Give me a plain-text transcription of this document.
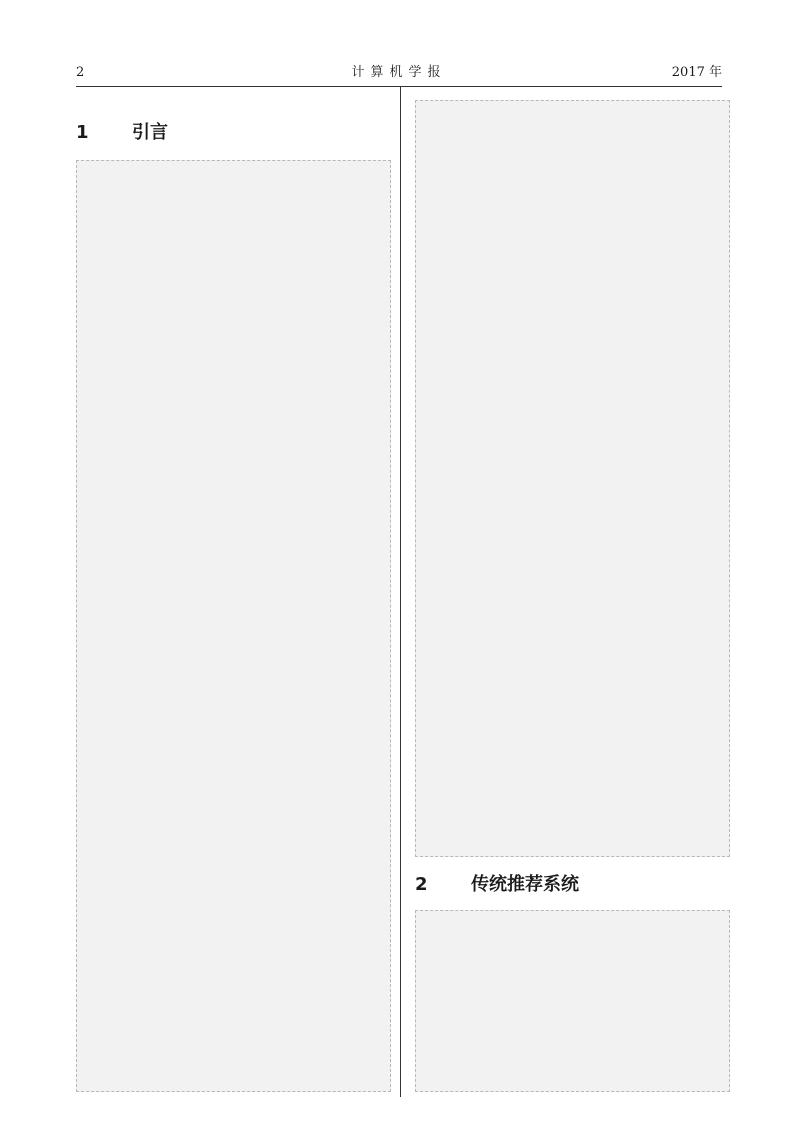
2	计算机学报	2017 年
1 引言
2 传统推荐系统
